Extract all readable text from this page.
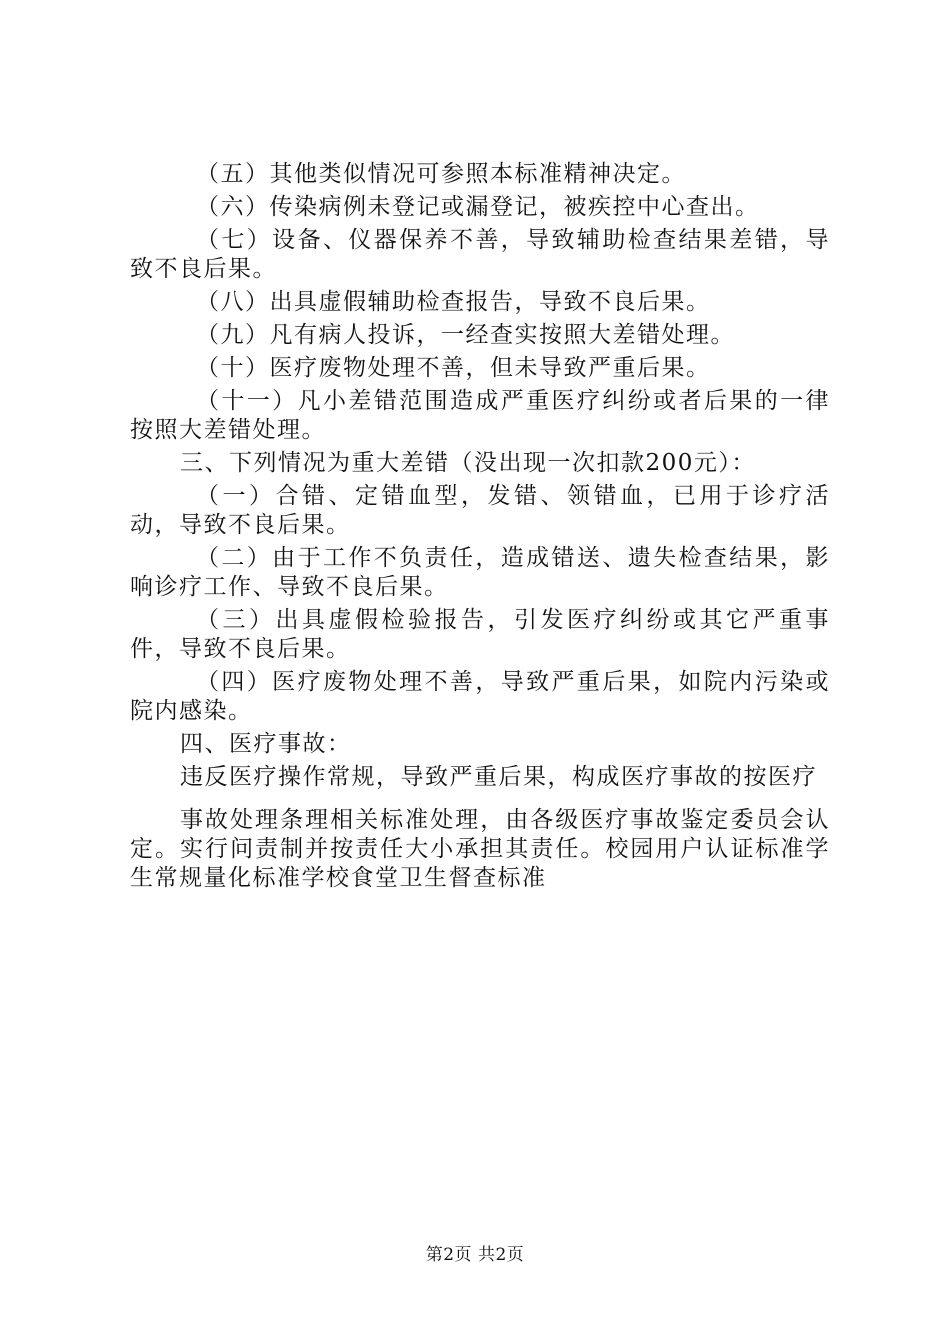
（五）其他类似情况可参照本标准精神决定。

（六）传染病例未登记或漏登记，被疾控中心查出。

（七）设备、仪器保养不善，导致辅助检查结果差错，导致不良后果。

（八）出具虚假辅助检查报告，导致不良后果。

（九）凡有病人投诉，一经查实按照大差错处理。

（十）医疗废物处理不善，但未导致严重后果。

（十一）凡小差错范围造成严重医疗纠纷或者后果的一律按照大差错处理。

三、下列情况为重大差错（没出现一次扣款200元）：

（一）合错、定错血型，发错、领错血，已用于诊疗活动，导致不良后果。

（二）由于工作不负责任，造成错送、遗失检查结果，影响诊疗工作、导致不良后果。

（三）出具虚假检验报告，引发医疗纠纷或其它严重事件，导致不良后果。

（四）医疗废物处理不善，导致严重后果，如院内污染或院内感染。

四、医疗事故：

违反医疗操作常规，导致严重后果，构成医疗事故的按医疗

事故处理条理相关标准处理，由各级医疗事故鉴定委员会认定。实行问责制并按责任大小承担其责任。校园用户认证标准学生常规量化标准学校食堂卫生督查标准

第2页 共2页
